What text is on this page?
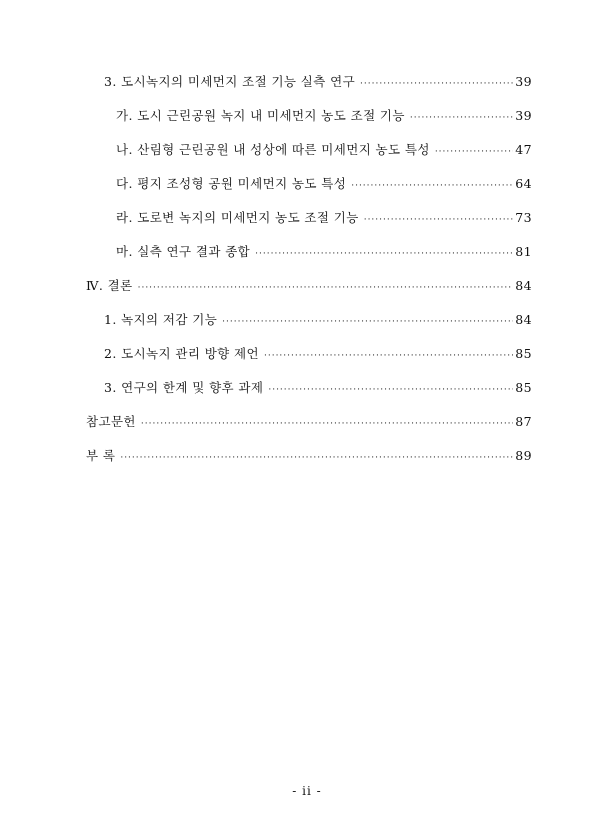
3. 도시녹지의 미세먼지 조절 기능 실측 연구 ·····	39
가. 도시 근린공원 녹지 내 미세먼지 농도 조절 기능 ·····	39
나. 산림형 근린공원 내 성상에 따른 미세먼지 농도 특성 ·····	47
다. 평지 조성형 공원 미세먼지 농도 특성 ·····	64
라. 도로변 녹지의 미세먼지 농도 조절 기능 ·····	73
마. 실측 연구 결과 종합 ·····	81
Ⅳ. 결론 ·····	84
1. 녹지의 저감 기능 ·····	84
2. 도시녹지 관리 방향 제언 ·····	85
3. 연구의 한계 및 향후 과제 ·····	85
참고문헌 ·····	87
부 록 ·····	89
- ii -
